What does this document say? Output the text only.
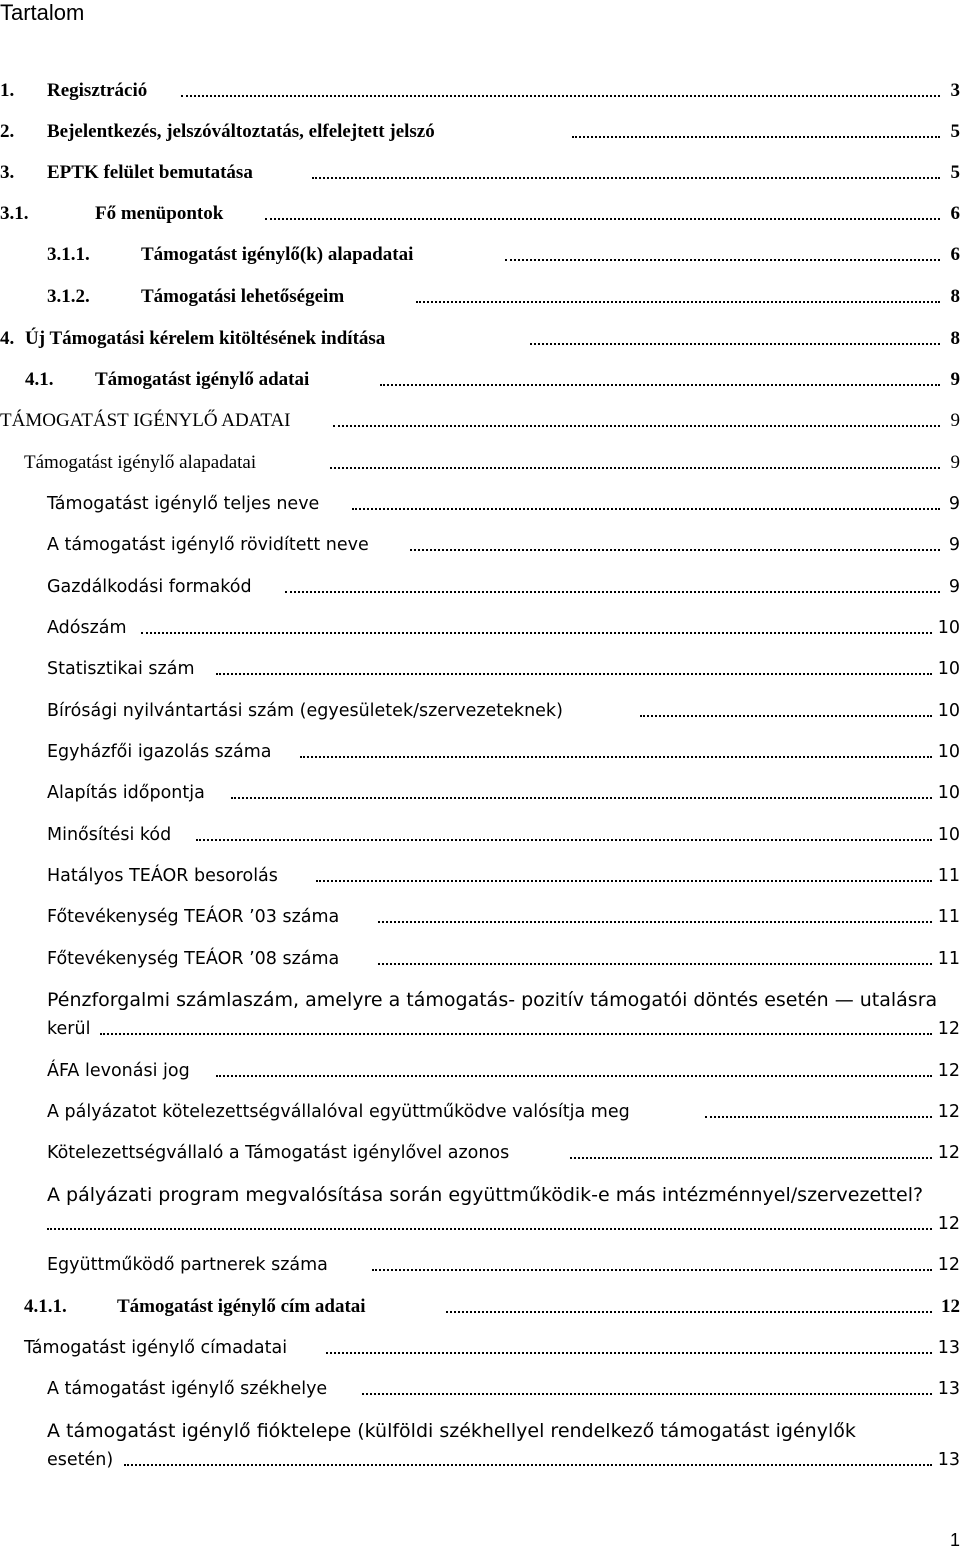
Tartalom
1. Regisztráció	3
2. Bejelentkezés, jelszóváltoztatás, elfelejtett jelszó	5
3. EPTK felület bemutatása	5
3.1.	Fő menüpontok	6
3.1.1.	Támogatást igénylő(k) alapadatai	6
3.1.2.	Támogatási lehetőségeim	8
4. Új Támogatási kérelem kitöltésének indítása	8
4.1. Támogatást igénylő adatai	9
TÁMOGATÁST IGÉNYLŐ ADATAI	9
Támogatást igénylő alapadatai	9
Támogatást igénylő teljes neve	9
A támogatást igénylő rövidített neve	9
Gazdálkodási formakód	9
Adószám	10
Statisztikai szám	10
Bírósági nyilvántartási szám (egyesületek/szervezeteknek)	10
Egyházfői igazolás száma	10
Alapítás időpontja	10
Minősítési kód	10
Hatályos TEÁOR besorolás	11
Főtevékenység TEÁOR ’03 száma	11
Főtevékenység TEÁOR ’08 száma	11
Pénzforgalmi számlaszám, amelyre a támogatás- pozitív támogatói döntés esetén — utalásra
kerül	12
ÁFA levonási jog	12
A pályázatot kötelezettségvállalóval együttműködve valósítja meg	12
Kötelezettségvállaló a Támogatást igénylővel azonos	12
A pályázati program megvalósítása során együttműködik-e más intézménnyel/szervezettel?
12
Együttműködő partnerek száma	12
4.1.1.	Támogatást igénylő cím adatai	12
Támogatást igénylő címadatai	13
A támogatást igénylő székhelye	13
A támogatást igénylő fióktelepe (külföldi székhellyel rendelkező támogatást igénylők
esetén)	13
1
